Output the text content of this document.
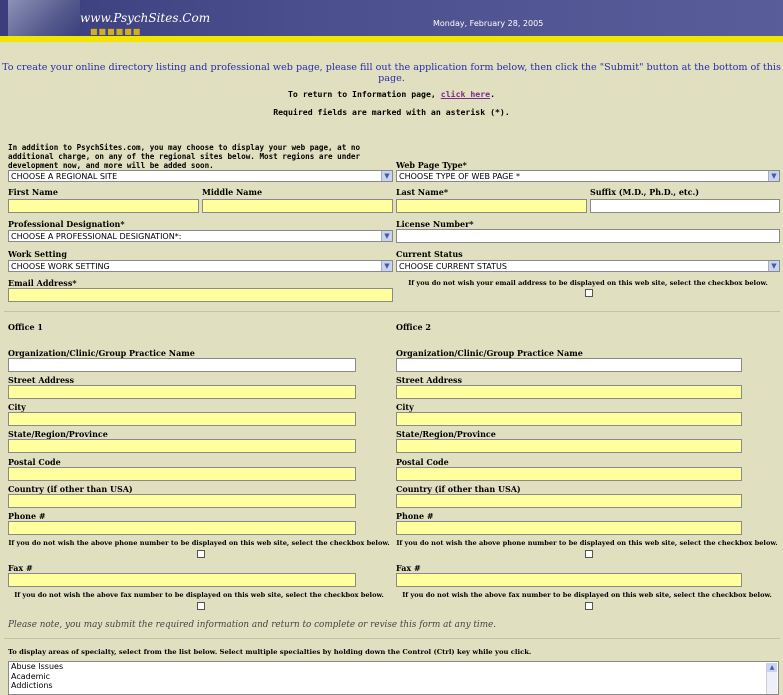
www.PsychSites.Com
■■■■■■
Monday, February 28, 2005
To create your online directory listing and professional web page, please fill out the application form below, then click the "Submit" button at the bottom of this page.
To return to Information page, click here.
Required fields are marked with an asterisk (*).
In addition to PsychSites.com, you may choose to display your web page, at no additional charge, on any of the regional sites below. Most regions are under development now, and more will be added soon.
CHOOSE A REGIONAL SITE	▼
Web Page Type*
CHOOSE TYPE OF WEB PAGE *	▼
First Name	Middle Name	Last Name*	Suffix (M.D., Ph.D., etc.)
Professional Designation*
CHOOSE A PROFESSIONAL DESIGNATION*:	▼
License Number*
Work Setting
CHOOSE WORK SETTING	▼
Current Status
CHOOSE CURRENT STATUS	▼
Email Address*	If you do not wish your email address to be displayed on this web site, select the checkbox below.
Office 1
Organization/Clinic/Group Practice Name
Street Address
City
State/Region/Province
Postal Code
Country (if other than USA)
Phone #
If you do not wish the above phone number to be displayed on this web site, select the checkbox below.
Fax #
If you do not wish the above fax number to be displayed on this web site, select the checkbox below.
Office 2
Organization/Clinic/Group Practice Name
Street Address
City
State/Region/Province
Postal Code
Country (if other than USA)
Phone #
If you do not wish the above phone number to be displayed on this web site, select the checkbox below.
Fax #
If you do not wish the above fax number to be displayed on this web site, select the checkbox below.
Please note, you may submit the required information and return to complete or revise this form at any time.
To display areas of specialty, select from the list below. Select multiple specialties by holding down the Control (Ctrl) key while you click.
Abuse Issues
Academic
Addictions
▲
